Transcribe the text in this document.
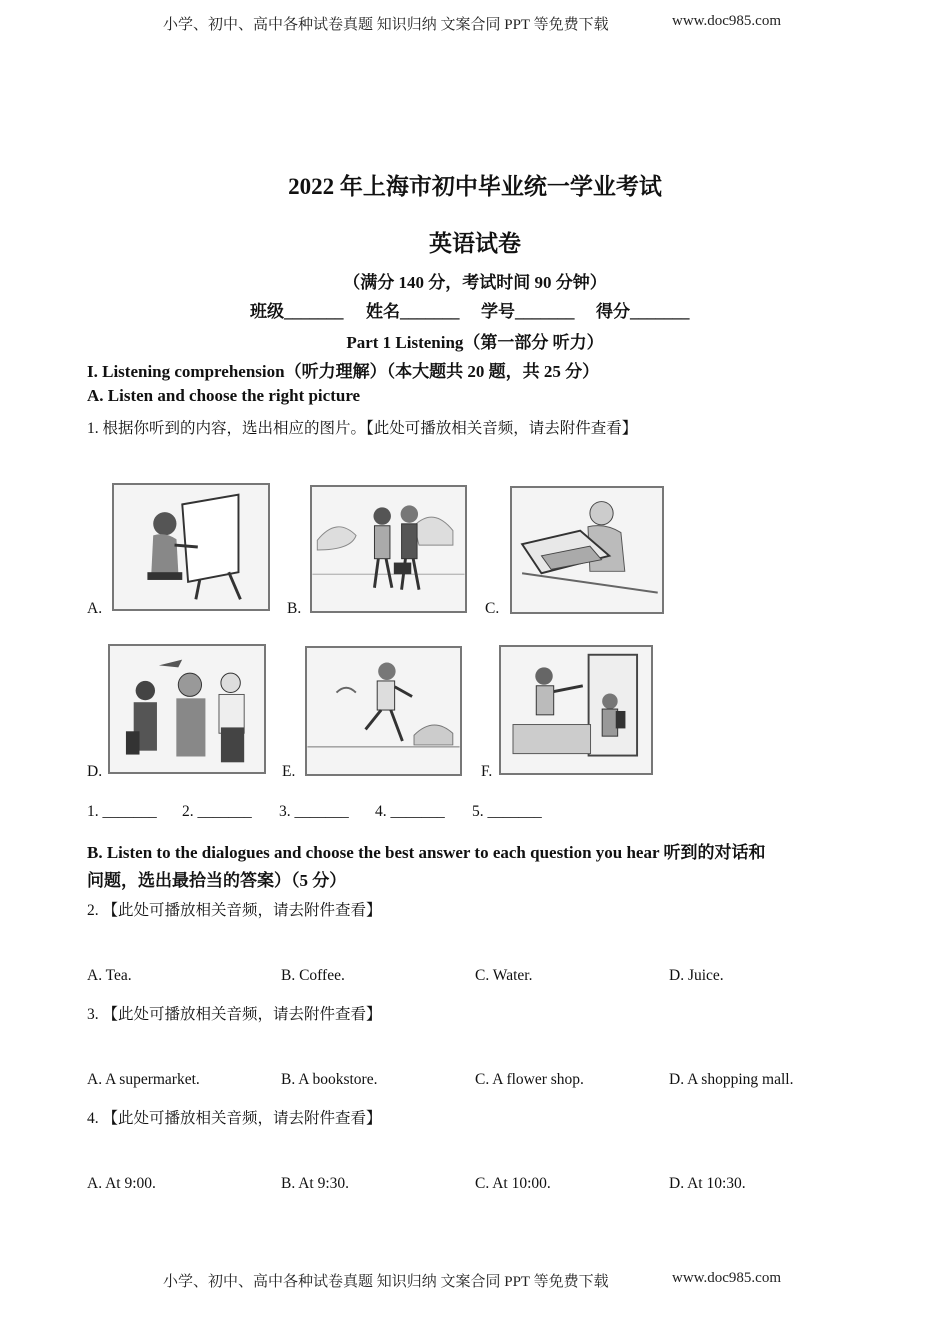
小学、初中、高中各种试卷真题 知识归纳 文案合同 PPT 等免费下载	www.doc985.com
2022 年上海市初中毕业统一学业考试
英语试卷
（满分 140 分，考试时间 90 分钟）
班级_______ 姓名_______ 学号_______ 得分_______
Part 1 Listening（第一部分 听力）
I. Listening comprehension（听力理解）（本大题共 20 题，共 25 分）
A. Listen and choose the right picture
1. 根据你听到的内容，选出相应的图片。【此处可播放相关音频，请去附件查看】
A.	B.	C.
D.	E.	F.
1. _______ 2. _______ 3. _______ 4. _______ 5. _______
B. Listen to the dialogues and choose the best answer to each question you hear 听到的对话和
问题，选出最拾当的答案）（5 分）
2. 【此处可播放相关音频，请去附件查看】
A. Tea.	B. Coffee.	C. Water.	D. Juice.
3. 【此处可播放相关音频，请去附件查看】
A. A supermarket.	B. A bookstore.	C. A flower shop.	D. A shopping mall.
4. 【此处可播放相关音频，请去附件查看】
A. At 9:00.	B. At 9:30.	C. At 10:00.	D. At 10:30.
小学、初中、高中各种试卷真题 知识归纳 文案合同 PPT 等免费下载	www.doc985.com
